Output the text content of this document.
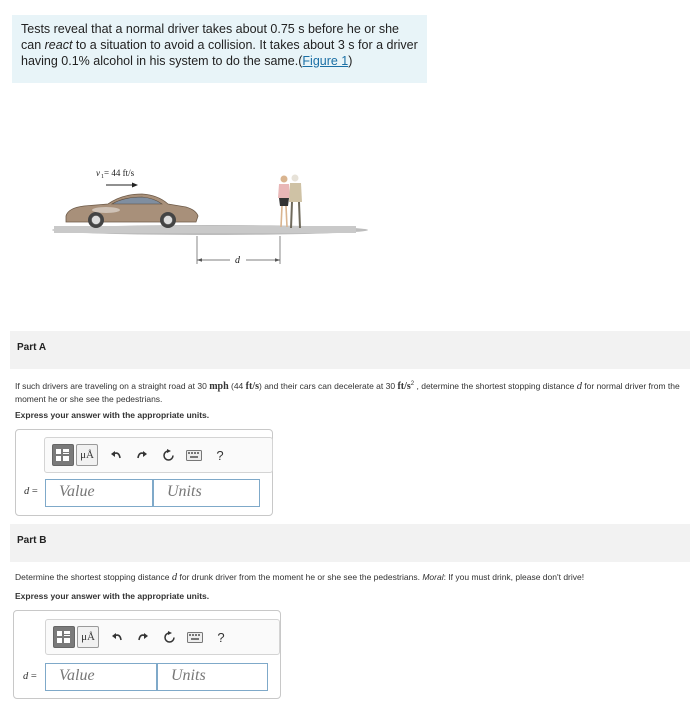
Tests reveal that a normal driver takes about 0.75 s before he or she can react to a situation to avoid a collision. It takes about 3 s for a driver having 0.1% alcohol in his system to do the same.(Figure 1)
v 1 = 44 ft/s
d
Part A
If such drivers are traveling on a straight road at 30 mph (44 ft/s) and their cars can decelerate at 30 $ft/s^2$ , determine the shortest stopping distance d for normal driver from the moment he or she see the pedestrians.
Express your answer with the appropriate units.
μÅ	?
d =	Value	Units
Part B
Determine the shortest stopping distance d for drunk driver from the moment he or she see the pedestrians. Moral: If you must drink, please don't drive!
Express your answer with the appropriate units.
μÅ	?
d =	Value	Units
